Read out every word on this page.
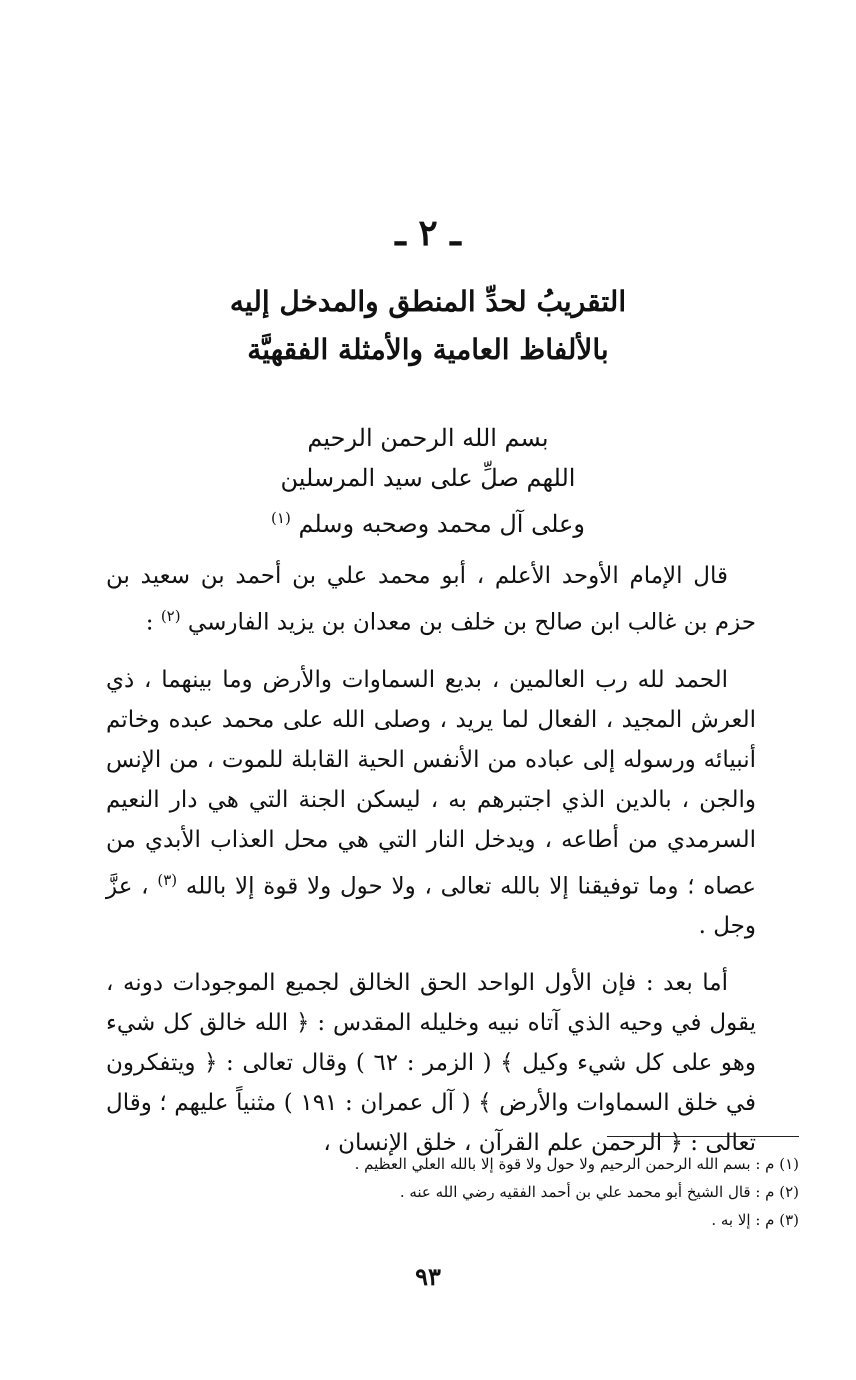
ـ ٢ ـ
التقريبُ لحدِّ المنطق والمدخل إليه
بالألفاظ العامية والأمثلة الفقهيَّة
بسم الله الرحمن الرحيم
اللهم صلِّ على سيد المرسلين
وعلى آل محمد وصحبه وسلم $^{(١)}$

قال الإمام الأوحد الأعلم ، أبو محمد علي بن أحمد بن سعيد بن حزم بن غالب ابن صالح بن خلف بن معدان بن يزيد الفارسي $^{(٢)}$ :

الحمد لله رب العالمين ، بديع السماوات والأرض وما بينهما ، ذي العرش المجيد ، الفعال لما يريد ، وصلى الله على محمد عبده وخاتم أنبيائه ورسوله إلى عباده من الأنفس الحية القابلة للموت ، من الإنس والجن ، بالدين الذي اجتبرهم به ، ليسكن الجنة التي هي دار النعيم السرمدي من أطاعه ، ويدخل النار التي هي محل العذاب الأبدي من عصاه ؛ وما توفيقنا إلا بالله تعالى ، ولا حول ولا قوة إلا بالله $^{(٣)}$ ، عزَّ وجل .

أما بعد : فإن الأول الواحد الحق الخالق لجميع الموجودات دونه ، يقول في وحيه الذي آتاه نبيه وخليله المقدس : ﴿ الله خالق كل شيء وهو على كل شيء وكيل ﴾ ( الزمر : ٦٢ ) وقال تعالى : ﴿ ويتفكرون في خلق السماوات والأرض ﴾ ( آل عمران : ١٩١ ) مثنياً عليهم ؛ وقال تعالى : ﴿ الرحمن علم القرآن ، خلق الإنسان ،

(١) م : بسم الله الرحمن الرحيم ولا حول ولا قوة إلا بالله العلي العظيم .
(٢) م : قال الشيخ أبو محمد علي بن أحمد الفقيه رضي الله عنه .
(٣) م : إلا به .
٩٣
